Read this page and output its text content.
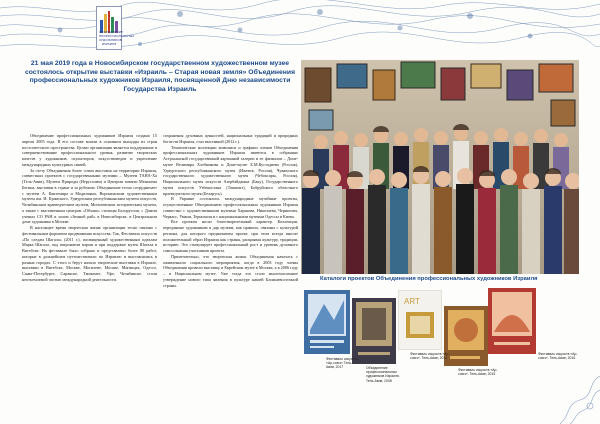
ОБЪЕДИНЕНИЕ ПРОФЕССИОНАЛЬНЫХ ХУДОЖНИКОВ ИЗРАИЛЯ
21 мая 2019 года в Новосибирском государственном художественном музее состоялось открытие выставки «Израиль – Старая новая земля» Объединения профессиональных художников Израиля, посвященной Дню независимости Государства Израиль

Объединение профессиональных художников Израиля создано 15 апреля 2005 года. В его составе вошли в основном выходцы из стран постсоветского пространства. Целью организации является поддержание и совершенствование профессионального уровня, развитие творческих качеств у художников, скульпторов, искусствоведов и укрепление международных культурных связей.

За счету Объединения более сотни выставок на территории Израиля, совместных проектов с государственными музеями – Музеем ТАНА-Ха (Тель-Авив), Музеем Природы (Иерусалим) и Центром памяти Менахема Бегина, выставки в стране и за рубежом. Объединение тесно сотрудничает с музеем А. Кантемира и Модильяни, Воронежским художественным музеем им. И. Крамского, Удмуртским республиканским музеем искусств, Челябинским краеведческим музеем, Могилевским историческим музеем, а также с выставочным центром «Облако» столицы Белоруссии, с Домом ученых СО РАН и залом «Земной рай» в Новосибирске, в Центральном доме художника в Москве.

В настоящее время творческая жизнь организации тесно связано с фестивальным форматом продвижения искусства. Так, Фестиваль искусств «По следам Шагала» (2011 г.), посвященный художественным идеалам Марка Шагала, под патронатом мэрии и при поддержке музея Шагала в Витебске. На фестивале было собрано и представлено более 80 работ, которые в дальнейшем путешествовали по Израилю и выставлялись в разных городах. С этого и берут начало творческие выставки в Израиле, выставки в Витебске, Москве, Могилеве, Москве, Мытищах, Одессе, Санкт-Петербурге, Саранске, Ташкенте, Уфе, Челябинске, стали неотъемлемой частью международной деятельности.

сохранения духовных ценностей, национальных традиций и природных богатств Израиля, стал выставкой (2012 г.).

Тематические коллекции живописи и графики членов Объединения профессиональных художников Израиля имеются в собраниях Астраханской государственной картинной галереи и ее филиалов – Доме-музее Велимира Хлебникова и Доме-музее Б.М.Кустодиева (Россия), Удмуртского республиканского музея (Ижевск, Россия), Чувашского государственного художественного музея (Чебоксары, Россия), Национального музея искусств Азербайджана (Баку), Государственного музея искусств Узбекистана (Ташкент), Бобруйского областного краеведческого музея (Беларусь).

В Украине состоялись международные музейные проекты, осуществленные Объединением профессиональных художников Израиля совместно с художественными музеями Харькова, Николаева, Чернигова, Черкасс, Умани, Тернополя и с национальными музеями Одессы и Киева.

Все проекты носят благотворительный характер. Коллекции, переданные художникам в дар музеям, как правило, связаны с культурой региона, для которого предназначен проект, при этом всегда вносят положительный образ Израиля как страны, раскрывая культуру, традиции, историю. Это стимулирует профессиональный рост и уровень духовного самосознания участников проекта.

Примечательно, что творческая жизнь Объединения началась с оживленного социального мероприятия, когда в 2003 году члены Объединения провели выставку в Еврейском музее в Москве, а в 2006 году – в Национальном музее. Уже тогда это стало многочисленное утверждение нового типа явления в культуре нашей Ближневосточной страны.

Каталоги проектов Объединения профессиональных художников Израиля
ART
Фестиваль искусств «Ар-союз» Тель-Авив, 2017	Объединение профессиональных художников Израиля. Тель-Авив, 2008
Фестиваль искусств «Ар-союз». Тель-Авив, 2014
Фестиваль искусств «Ар-союз». Тель-Авив, 2015
Фестиваль искусств «Ар-союз». Тель-Авив, 2016
